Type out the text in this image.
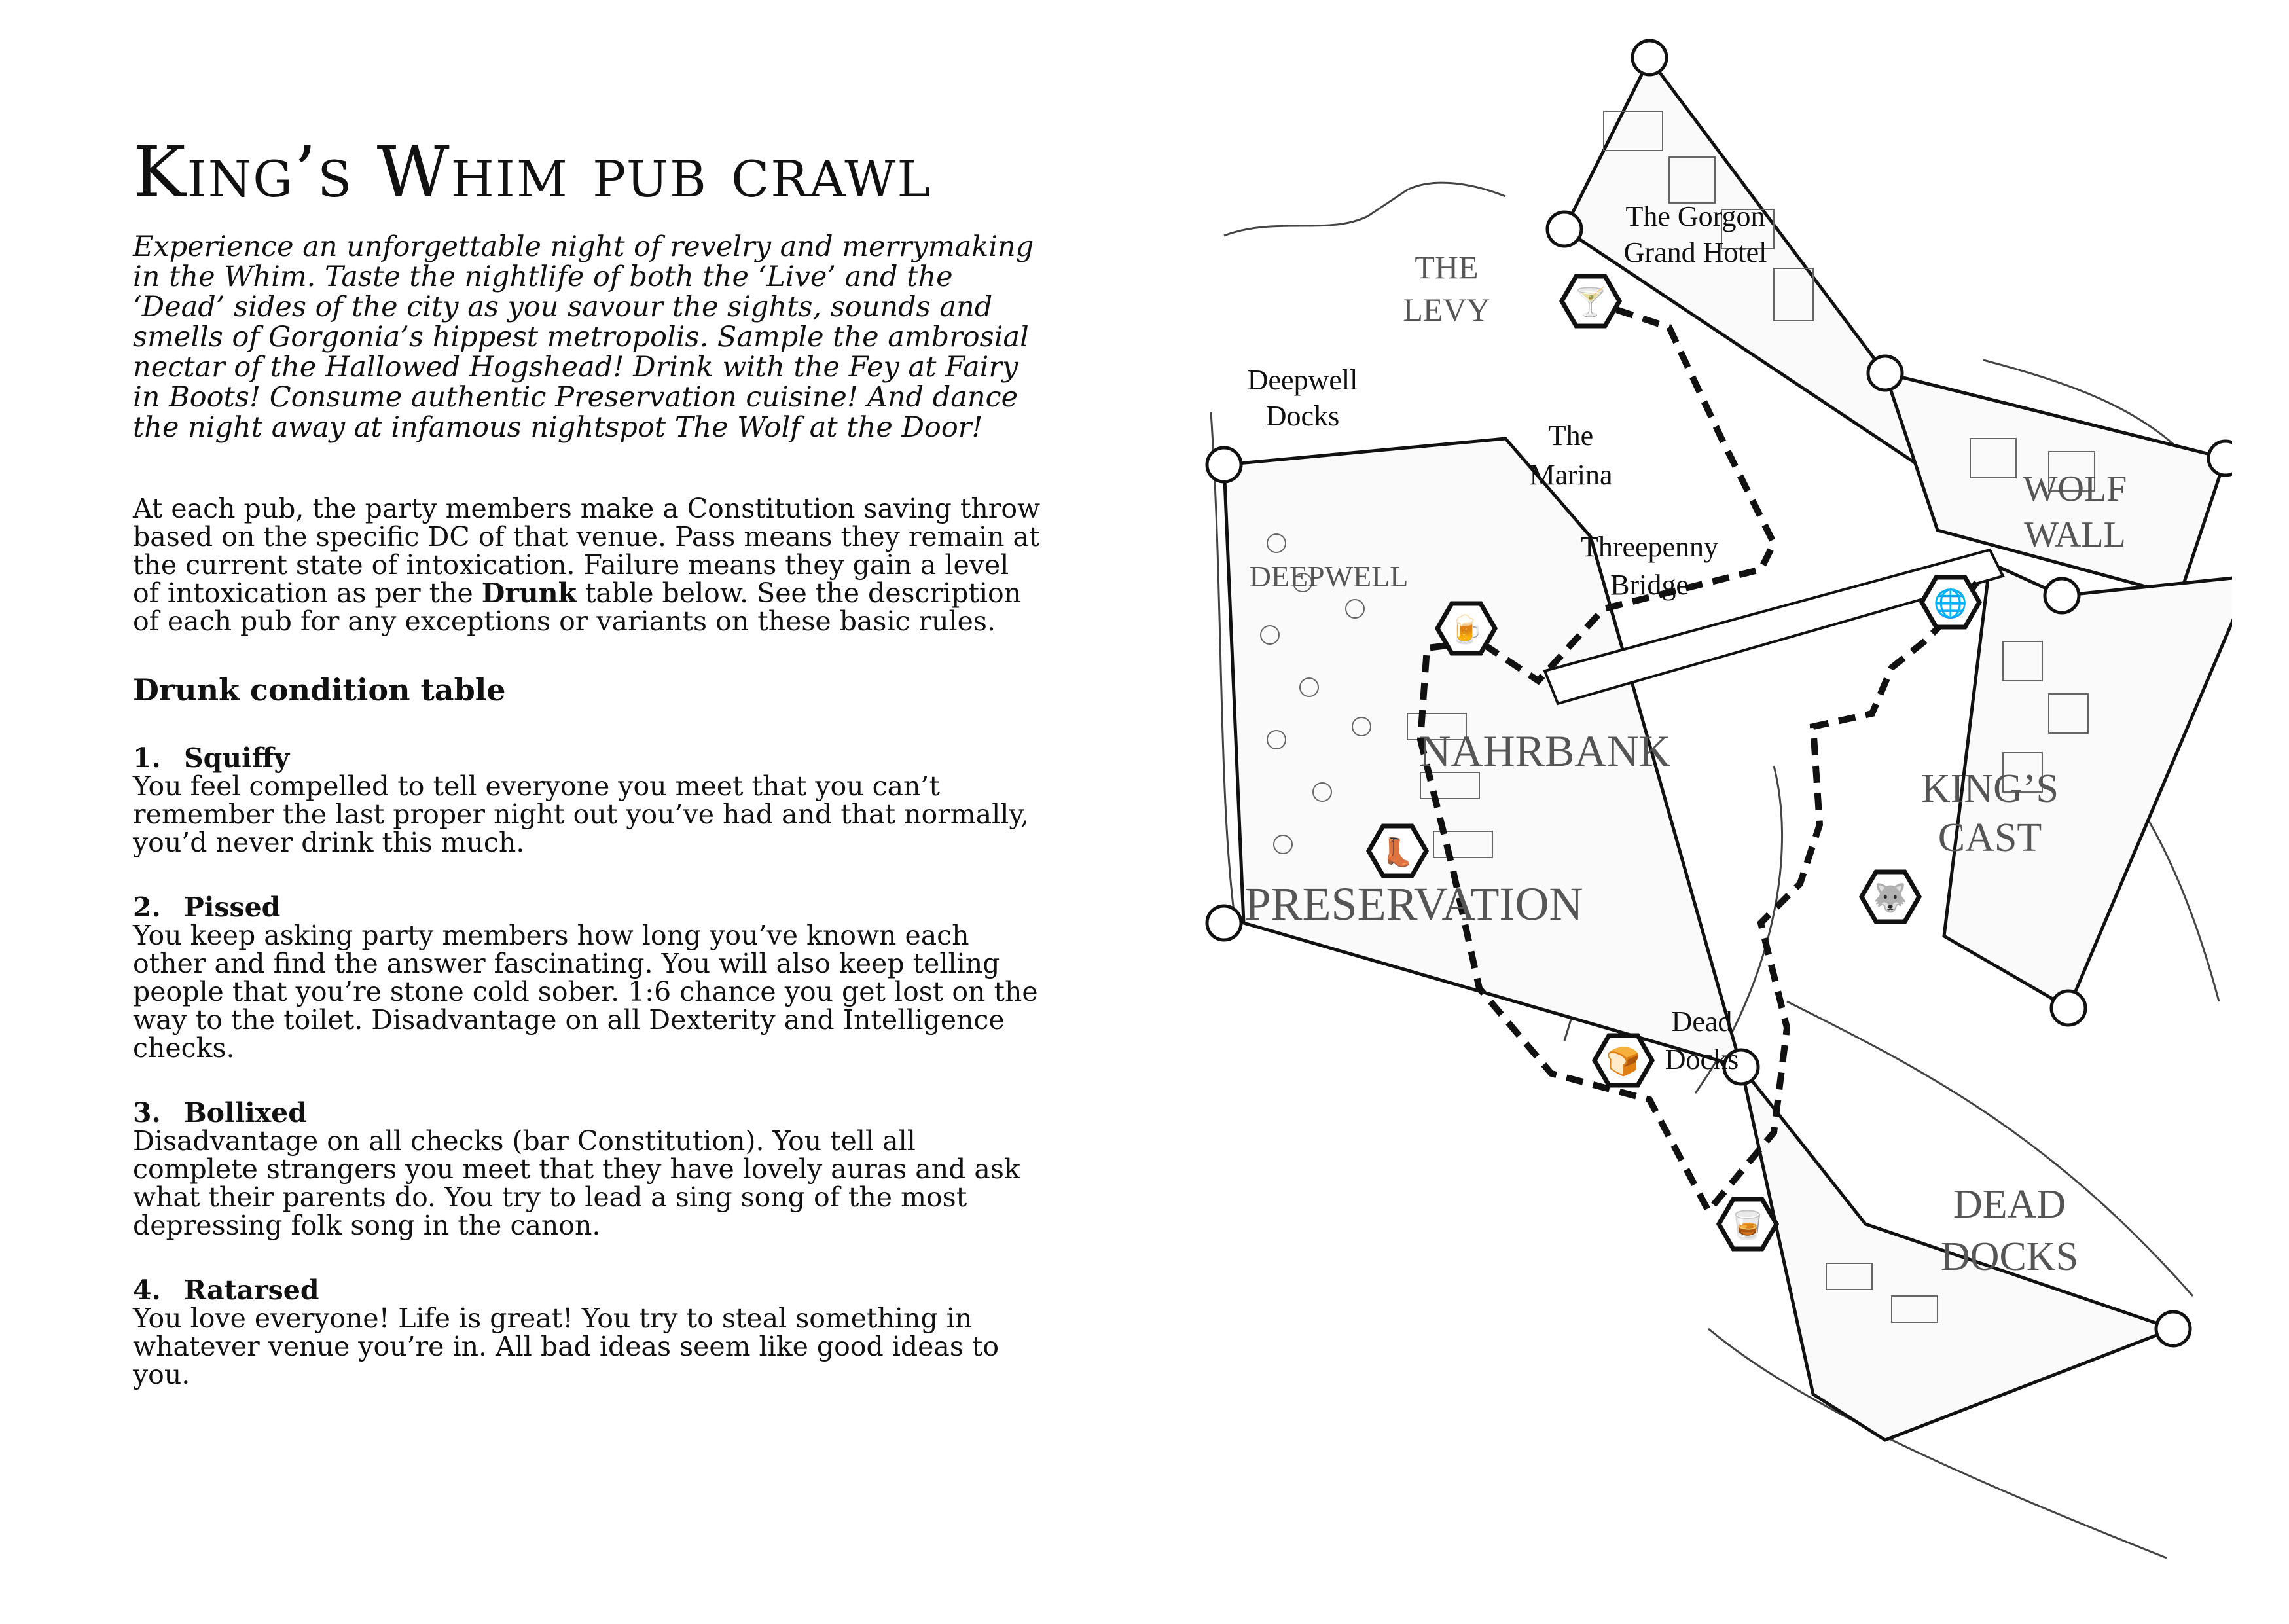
King’s Whim pub crawl

Experience an unforgettable night of revelry and merrymaking in the Whim. Taste the nightlife of both the ‘Live’ and the ‘Dead’ sides of the city as you savour the sights, sounds and smells of Gorgonia’s hippest metropolis. Sample the ambrosial nectar of the Hallowed Hogshead! Drink with the Fey at Fairy in Boots! Consume authentic Preservation cuisine! And dance the night away at infamous nightspot The Wolf at the Door!

At each pub, the party members make a Constitution saving throw based on the specific DC of that venue. Pass means they remain at the current state of intoxication. Failure means they gain a level of intoxication as per the Drunk table below. See the description of each pub for any exceptions or variants on these basic rules.

Drunk condition table
1. Squiffy
You feel compelled to tell everyone you meet that you can’t remember the last proper night out you’ve had and that normally, you’d never drink this much.
2. Pissed
You keep asking party members how long you’ve known each other and find the answer fascinating. You will also keep telling people that you’re stone cold sober. 1:6 chance you get lost on the way to the toilet. Disadvantage on all Dexterity and Intelligence checks.
3. Bollixed
Disadvantage on all checks (bar Constitution). You tell all complete strangers you meet that they have lovely auras and ask what their parents do. You try to lead a sing song of the most depressing folk song in the canon.
4. Ratarsed
You love everyone! Life is great! You try to steal something in whatever venue you’re in. All bad ideas seem like good ideas to you.
🍸
🍺
🌐
👢
🐺
🍞
🥃
The Gorgon
Grand Hotel
THE
LEVY
Deepwell
Docks
The
Marina	WOLF
WALL
Threepenny
Bridge
DEEPWELL
NAHRBANK
KING’S
CAST
PRESERVATION
Dead
Docks
DEAD
DOCKS
